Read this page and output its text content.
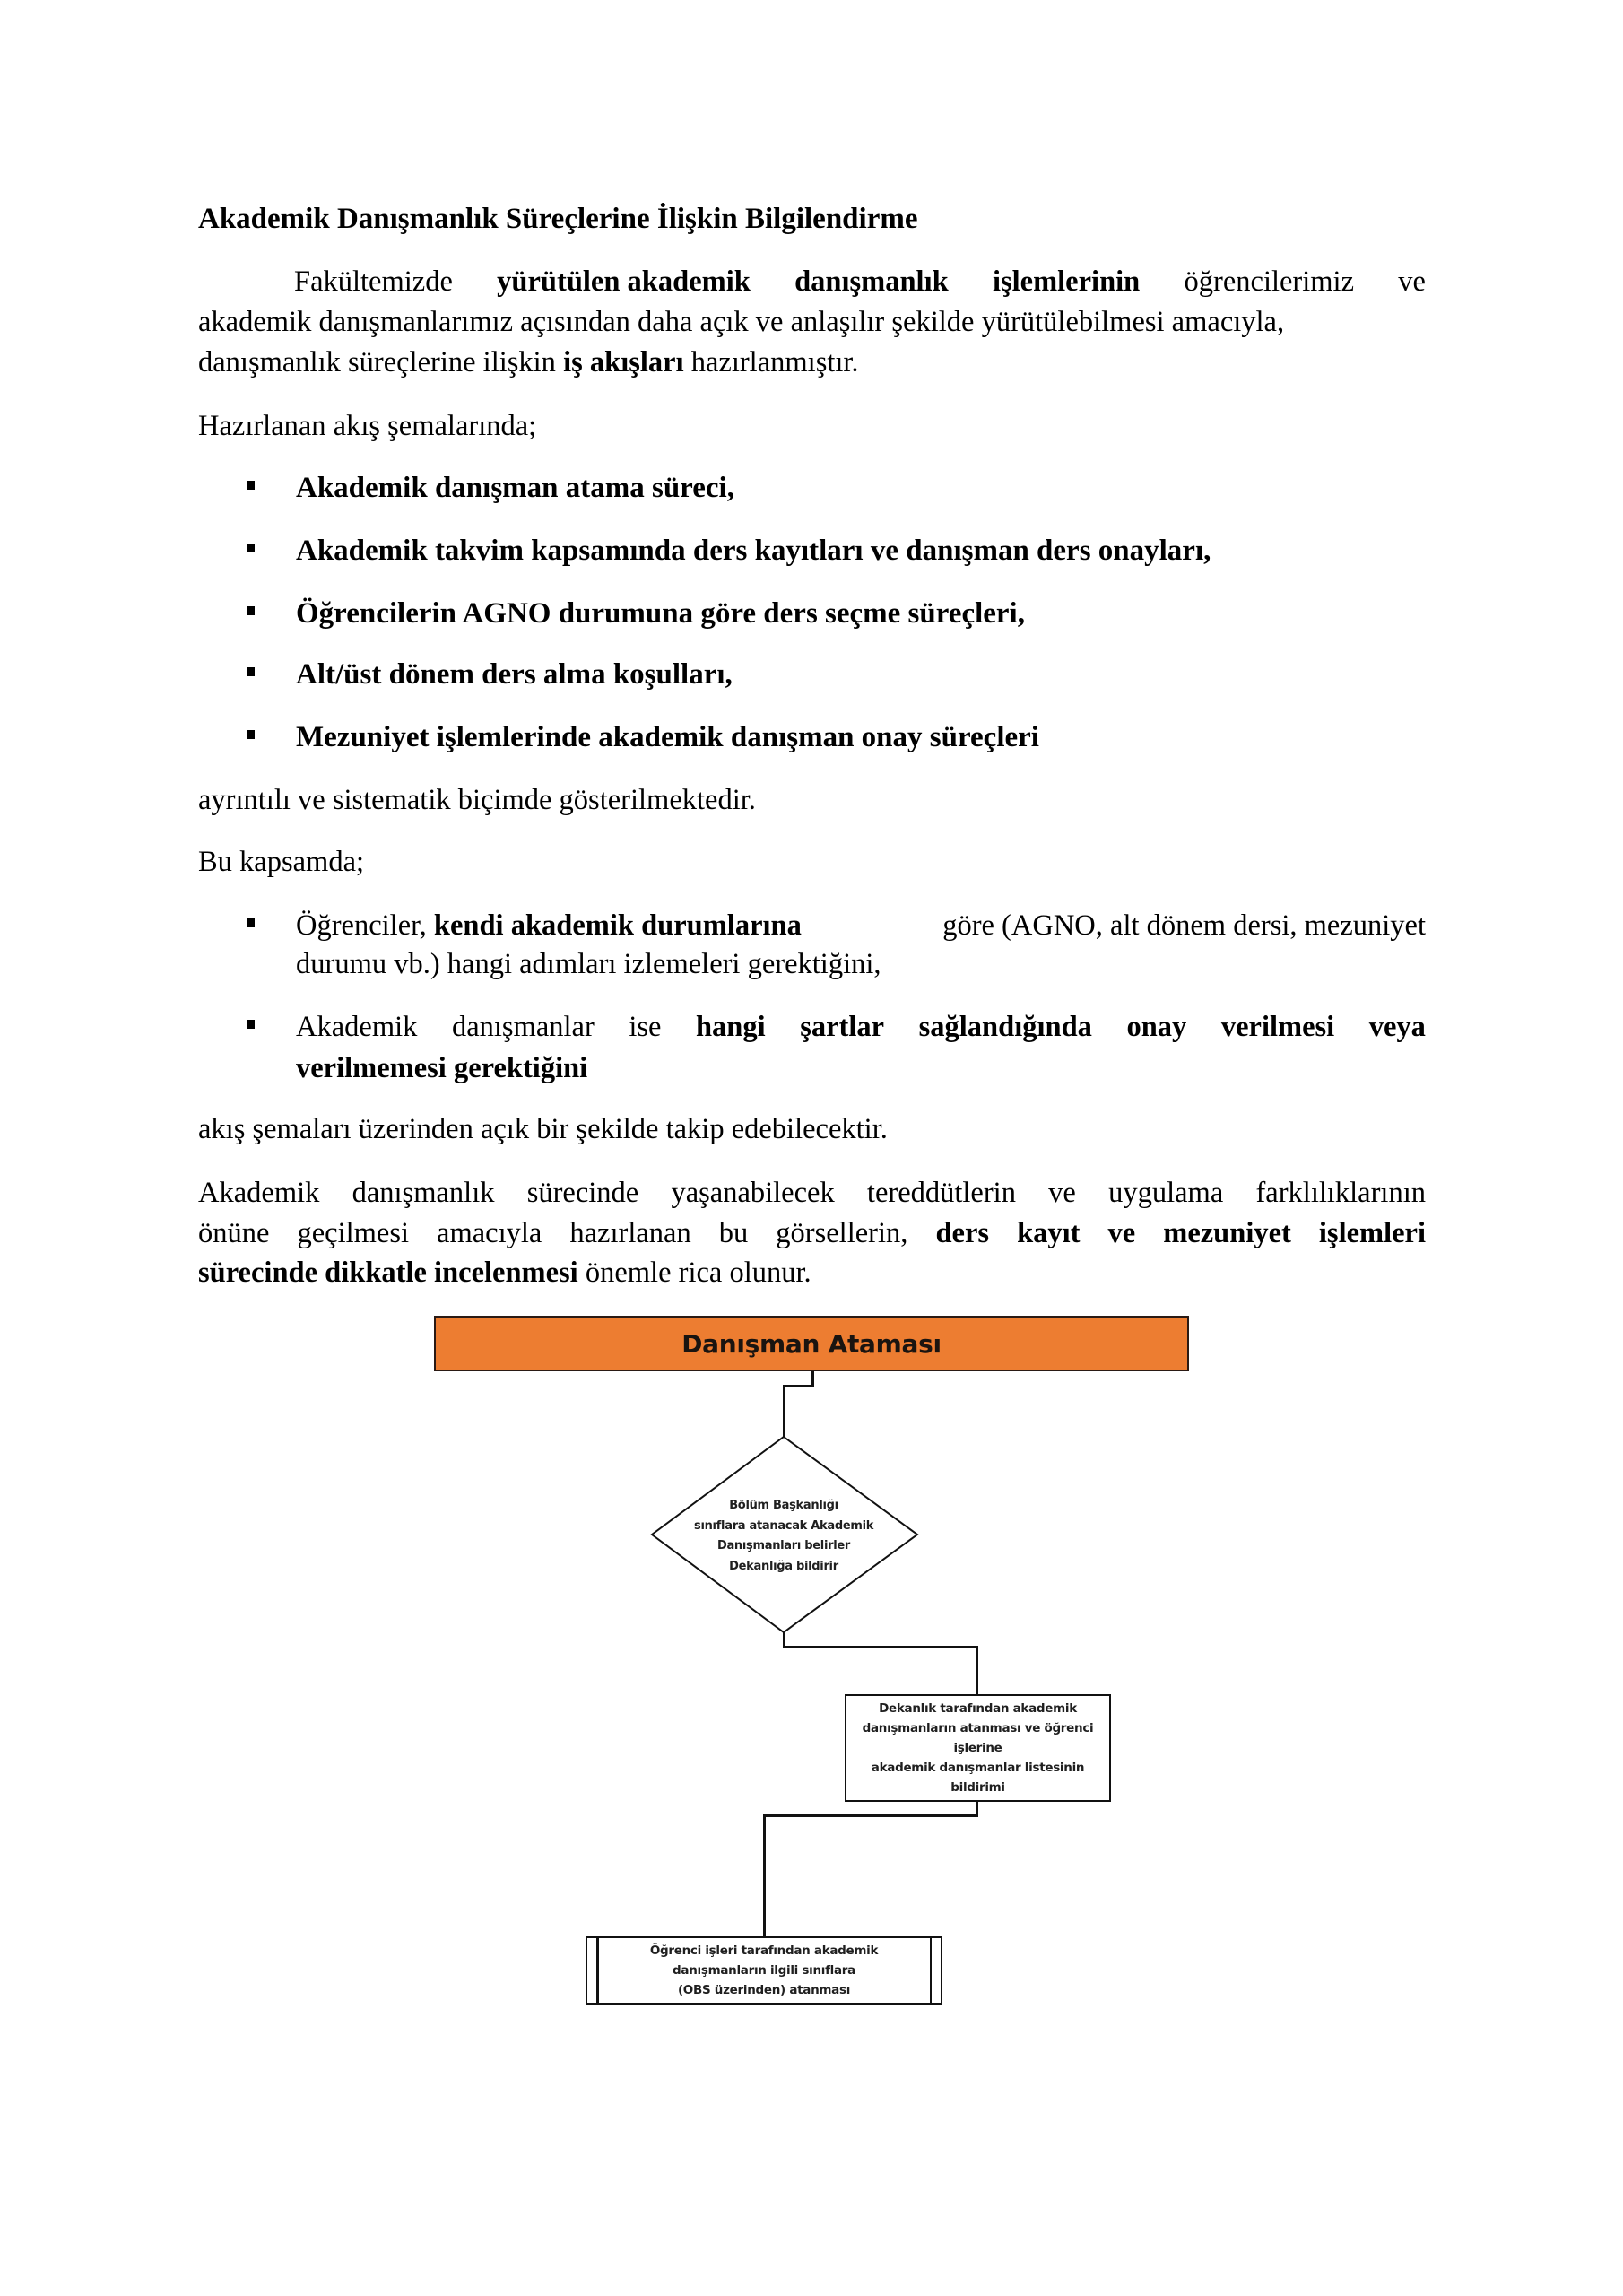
Akademik Danışmanlık Süreçlerine İlişkin Bilgilendirme
Fakültemizde yürütülen akademik danışmanlık işlemlerinin öğrencilerimiz ve
akademik danışmanlarımız açısından daha açık ve anlaşılır şekilde yürütülebilmesi amacıyla,
danışmanlık süreçlerine ilişkin iş akışları hazırlanmıştır.
Hazırlanan akış şemalarında;
Akademik danışman atama süreci,
Akademik takvim kapsamında ders kayıtları ve danışman ders onayları,
Öğrencilerin AGNO durumuna göre ders seçme süreçleri,
Alt/üst dönem ders alma koşulları,
Mezuniyet işlemlerinde akademik danışman onay süreçleri
ayrıntılı ve sistematik biçimde gösterilmektedir.
Bu kapsamda;
Öğrenciler, kendi akademik durumlarına	göre (AGNO, alt dönem dersi, mezuniyet
durumu vb.) hangi adımları izlemeleri gerektiğini,
Akademik danışmanlar ise hangi şartlar sağlandığında onay verilmesi veya
verilmemesi gerektiğini
akış şemaları üzerinden açık bir şekilde takip edebilecektir.
Akademik danışmanlık sürecinde yaşanabilecek tereddütlerin ve uygulama farklılıklarının
önüne geçilmesi amacıyla hazırlanan bu görsellerin, ders kayıt ve mezuniyet işlemleri
sürecinde dikkatle incelenmesi önemle rica olunur.
Danışman Ataması
Bölüm Başkanlığı
sınıflara atanacak Akademik
Danışmanları belirler
Dekanlığa bildirir
Dekanlık tarafından akademik
danışmanların atanması ve öğrenci
işlerine
akademik danışmanlar listesinin
bildirimi
Öğrenci işleri tarafından akademik
danışmanların ilgili sınıflara
(OBS üzerinden) atanması
